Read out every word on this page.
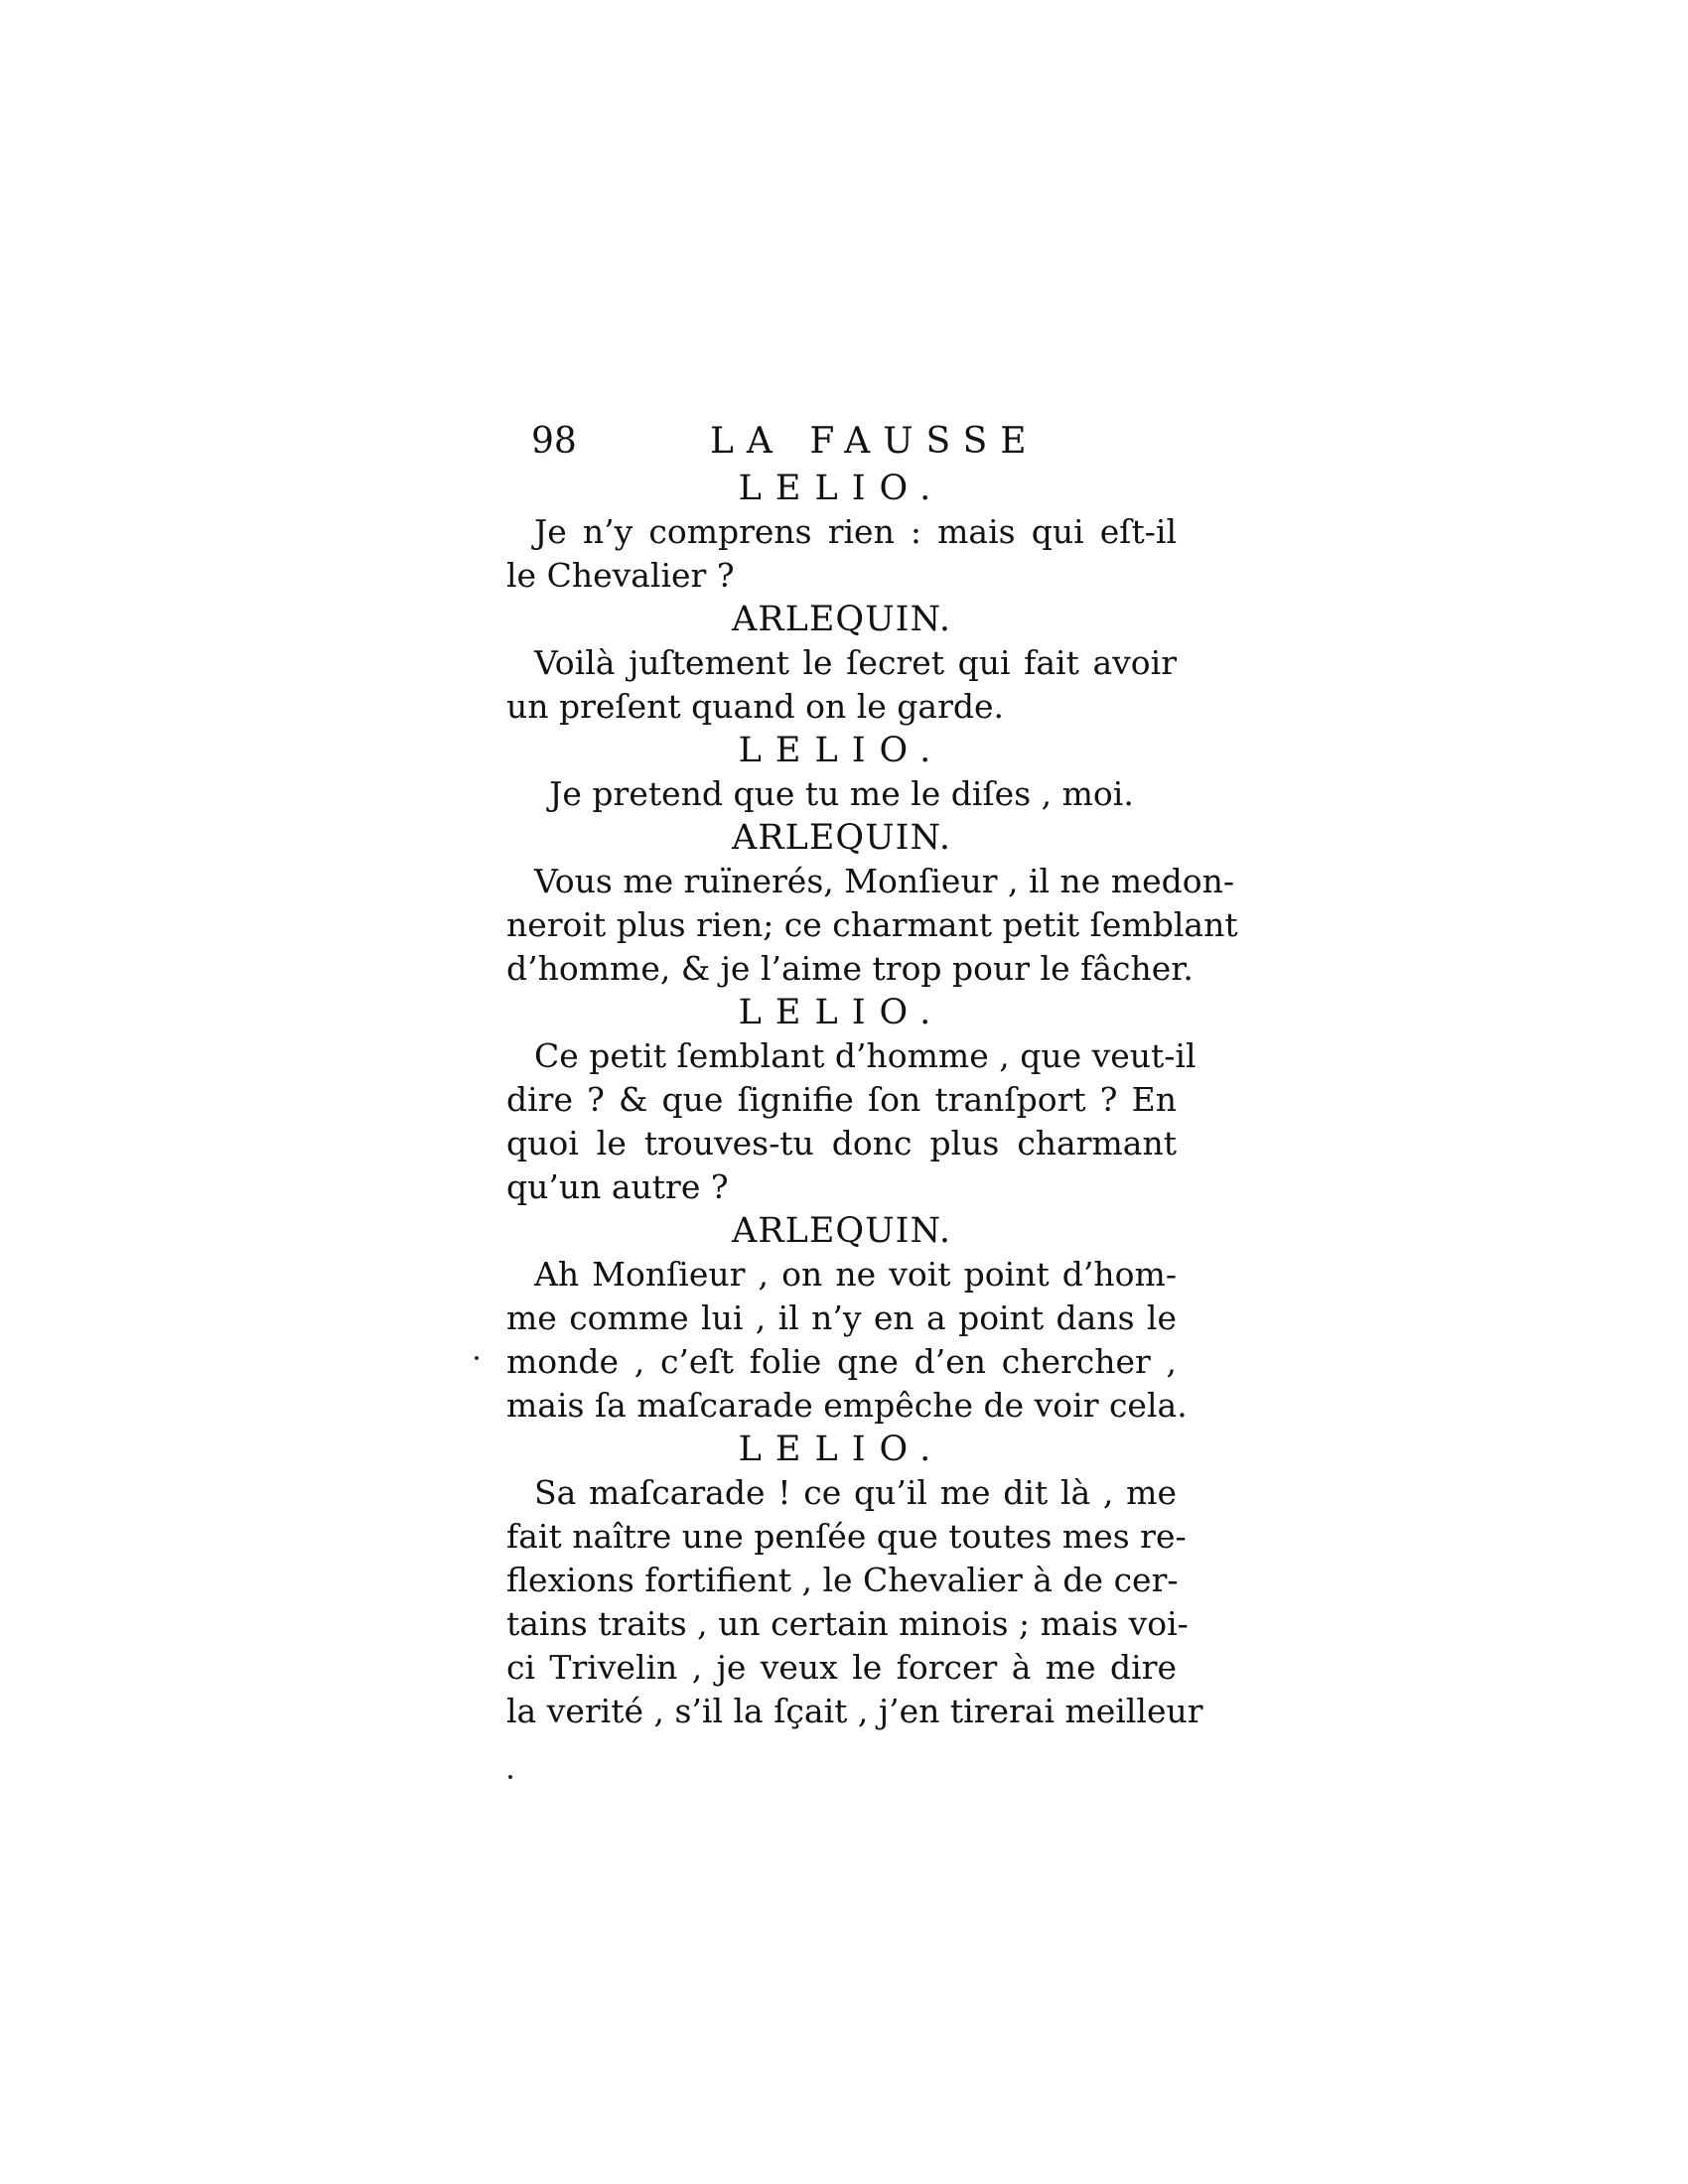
98	LA FAUSSE
LELIO.
Je n’y comprens rien : mais qui eſt-il
le Chevalier ?
ARLEQUIN.
Voilà juſtement le ſecret qui fait avoir
un preſent quand on le garde.
LELIO.
Je pretend que tu me le diſes , moi.
ARLEQUIN.
Vous me ruïnerés, Monſieur , il ne medon-
neroit plus rien; ce charmant petit ſemblant
d’homme, & je l’aime trop pour le fâcher.
LELIO.
Ce petit ſemblant d’homme , que veut-il
dire ? & que ſignifie ſon tranſport ? En
quoi le trouves-tu donc plus charmant
qu’un autre ?
ARLEQUIN.
Ah Monſieur , on ne voit point d’hom-
me comme lui , il n’y en a point dans le
monde , c’eſt folie qne d’en chercher ,
mais ſa maſcarade empêche de voir cela.
LELIO.
Sa maſcarade ! ce qu’il me dit là , me
fait naître une penſée que toutes mes re-
flexions fortifient , le Chevalier à de cer-
tains traits , un certain minois ; mais voi-
ci Trivelin , je veux le forcer à me dire
la verité , s’il la ſçait , j’en tirerai meilleur
